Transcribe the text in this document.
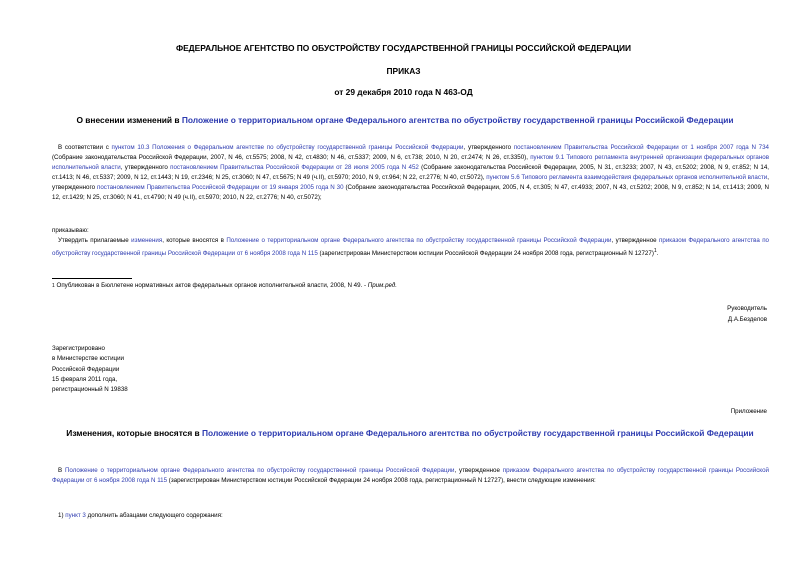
ФЕДЕРАЛЬНОЕ АГЕНТСТВО ПО ОБУСТРОЙСТВУ ГОСУДАРСТВЕННОЙ ГРАНИЦЫ РОССИЙСКОЙ ФЕДЕРАЦИИ
ПРИКАЗ
от 29 декабря 2010 года N 463-ОД
О внесении изменений в Положение о территориальном органе Федерального агентства по обустройству государственной границы Российской Федерации
В соответствии с пунктом 10.3 Положения о Федеральном агентстве по обустройству государственной границы Российской Федерации, утвержденного постановлением Правительства Российской Федерации от 1 ноября 2007 года N 734 (Собрание законодательства Российской Федерации, 2007, N 46, ст.5575; 2008, N 42, ст.4830; N 46, ст.5337; 2009, N 6, ст.738; 2010, N 20, ст.2474; N 26, ст.3350), пунктом 9.1 Типового регламента внутренней организации федеральных органов исполнительной власти, утвержденного постановлением Правительства Российской Федерации от 28 июля 2005 года N 452 (Собрание законодательства Российской Федерации, 2005, N 31, ст.3233; 2007, N 43, ст.5202; 2008, N 9, ст.852; N 14, ст.1413; N 46, ст.5337; 2009, N 12, ст.1443; N 19, ст.2346; N 25, ст.3060; N 47, ст.5675; N 49 (ч.II), ст.5970; 2010, N 9, ст.964; N 22, ст.2776; N 40, ст.5072), пунктом 5.6 Типового регламента взаимодействия федеральных органов исполнительной власти, утвержденного постановлением Правительства Российской Федерации от 19 января 2005 года N 30 (Собрание законодательства Российской Федерации, 2005, N 4, ст.305; N 47, ст.4933; 2007, N 43, ст.5202; 2008, N 9, ст.852; N 14, ст.1413; 2009, N 12, ст.1429; N 25, ст.3060; N 41, ст.4790; N 49 (ч.II), ст.5970; 2010, N 22, ст.2776; N 40, ст.5072);
приказываю:
Утвердить прилагаемые изменения, которые вносятся в Положение о территориальном органе Федерального агентства по обустройству государственной границы Российской Федерации, утвержденное приказом Федерального агентства по обустройству государственной границы Российской Федерации от 6 ноября 2008 года N 115 (зарегистрирован Министерством юстиции Российской Федерации 24 ноября 2008 года, регистрационный N 12727)$^1$.
$^1$ Опубликован в Бюллетене нормативных актов федеральных органов исполнительной власти, 2008, N 49. - Прим.ред.
Руководитель
Д.А.Безделов
Зарегистрировано
в Министерстве юстиции
Российской Федерации
15 февраля 2011 года,
регистрационный N 19838
Приложение
Изменения, которые вносятся в Положение о территориальном органе Федерального агентства по обустройству государственной границы Российской Федерации
В Положение о территориальном органе Федерального агентства по обустройству государственной границы Российской Федерации, утвержденное приказом Федерального агентства по обустройству государственной границы Российской Федерации от 6 ноября 2008 года N 115 (зарегистрирован Министерством юстиции Российской Федерации 24 ноября 2008 года, регистрационный N 12727), внести следующие изменения:
1) пункт 3 дополнить абзацами следующего содержания:
